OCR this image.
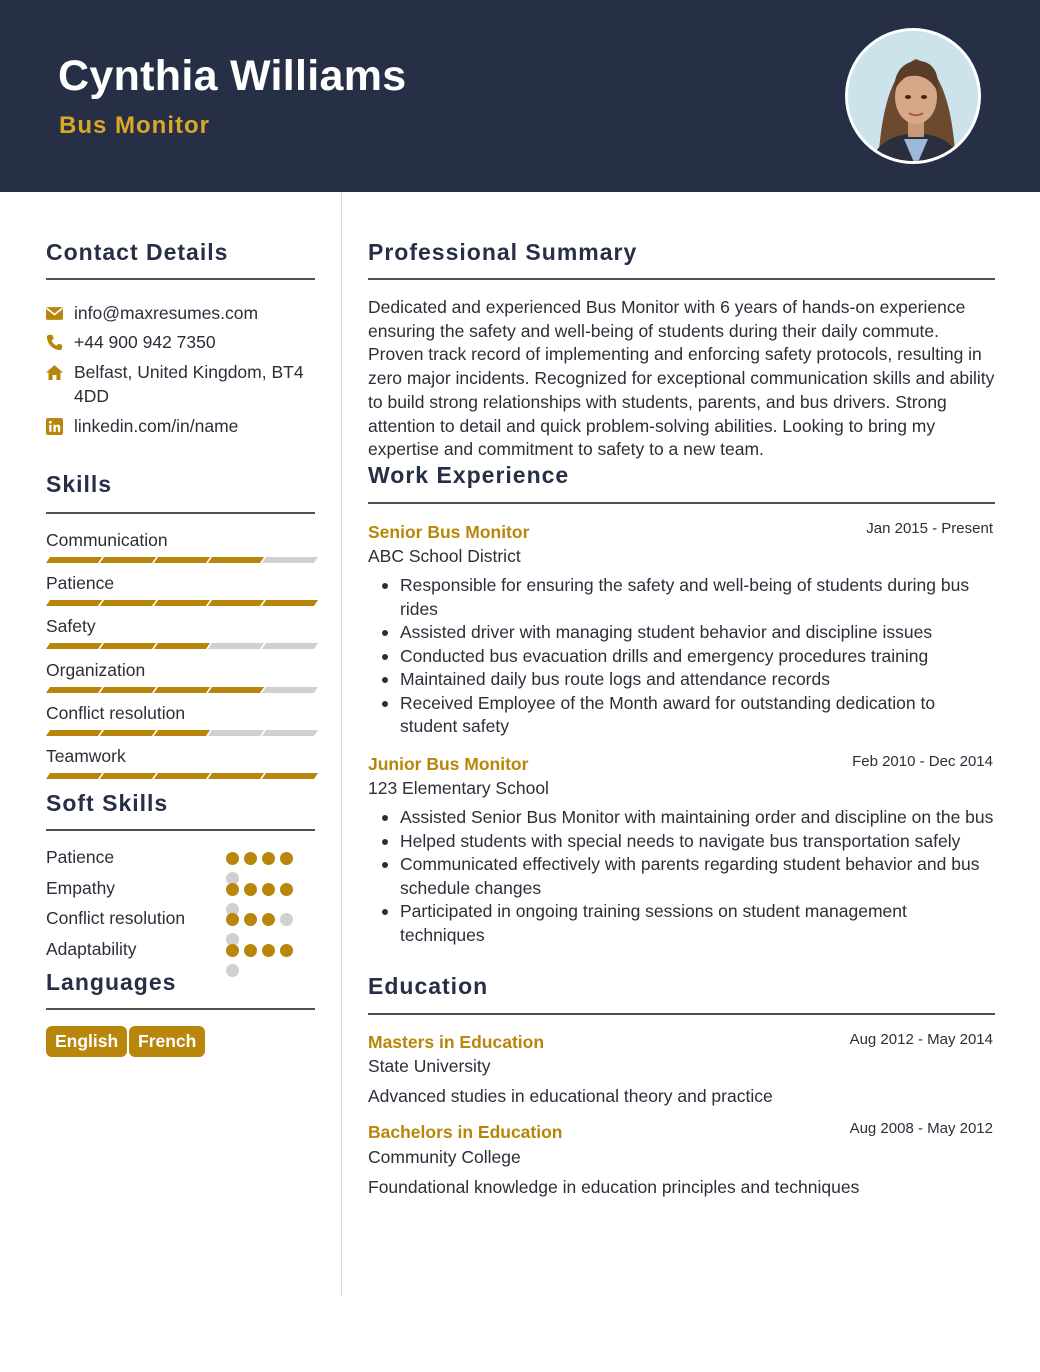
Cynthia Williams
Bus Monitor
Contact Details
info@maxresumes.com
+44 900 942 7350
Belfast, United Kingdom, BT4 4DD
linkedin.com/in/name
Skills
Communication
Patience
Safety
Organization
Conflict resolution
Teamwork
Soft Skills
Patience
Empathy
Conflict resolution
Adaptability
Languages
English	French
Professional Summary
Dedicated and experienced Bus Monitor with 6 years of hands-on experience ensuring the safety and well-being of students during their daily commute. Proven track record of implementing and enforcing safety protocols, resulting in zero major incidents. Recognized for exceptional communication skills and ability to build strong relationships with students, parents, and bus drivers. Strong attention to detail and quick problem-solving abilities. Looking to bring my expertise and commitment to safety to a new team.
Work Experience
Senior Bus Monitor	Jan 2015 - Present
ABC School District
Responsible for ensuring the safety and well-being of students during bus rides
Assisted driver with managing student behavior and discipline issues
Conducted bus evacuation drills and emergency procedures training
Maintained daily bus route logs and attendance records
Received Employee of the Month award for outstanding dedication to student safety
Junior Bus Monitor	Feb 2010 - Dec 2014
123 Elementary School
Assisted Senior Bus Monitor with maintaining order and discipline on the bus
Helped students with special needs to navigate bus transportation safely
Communicated effectively with parents regarding student behavior and bus schedule changes
Participated in ongoing training sessions on student management techniques
Education
Masters in Education	Aug 2012 - May 2014
State University
Advanced studies in educational theory and practice
Bachelors in Education	Aug 2008 - May 2012
Community College
Foundational knowledge in education principles and techniques
